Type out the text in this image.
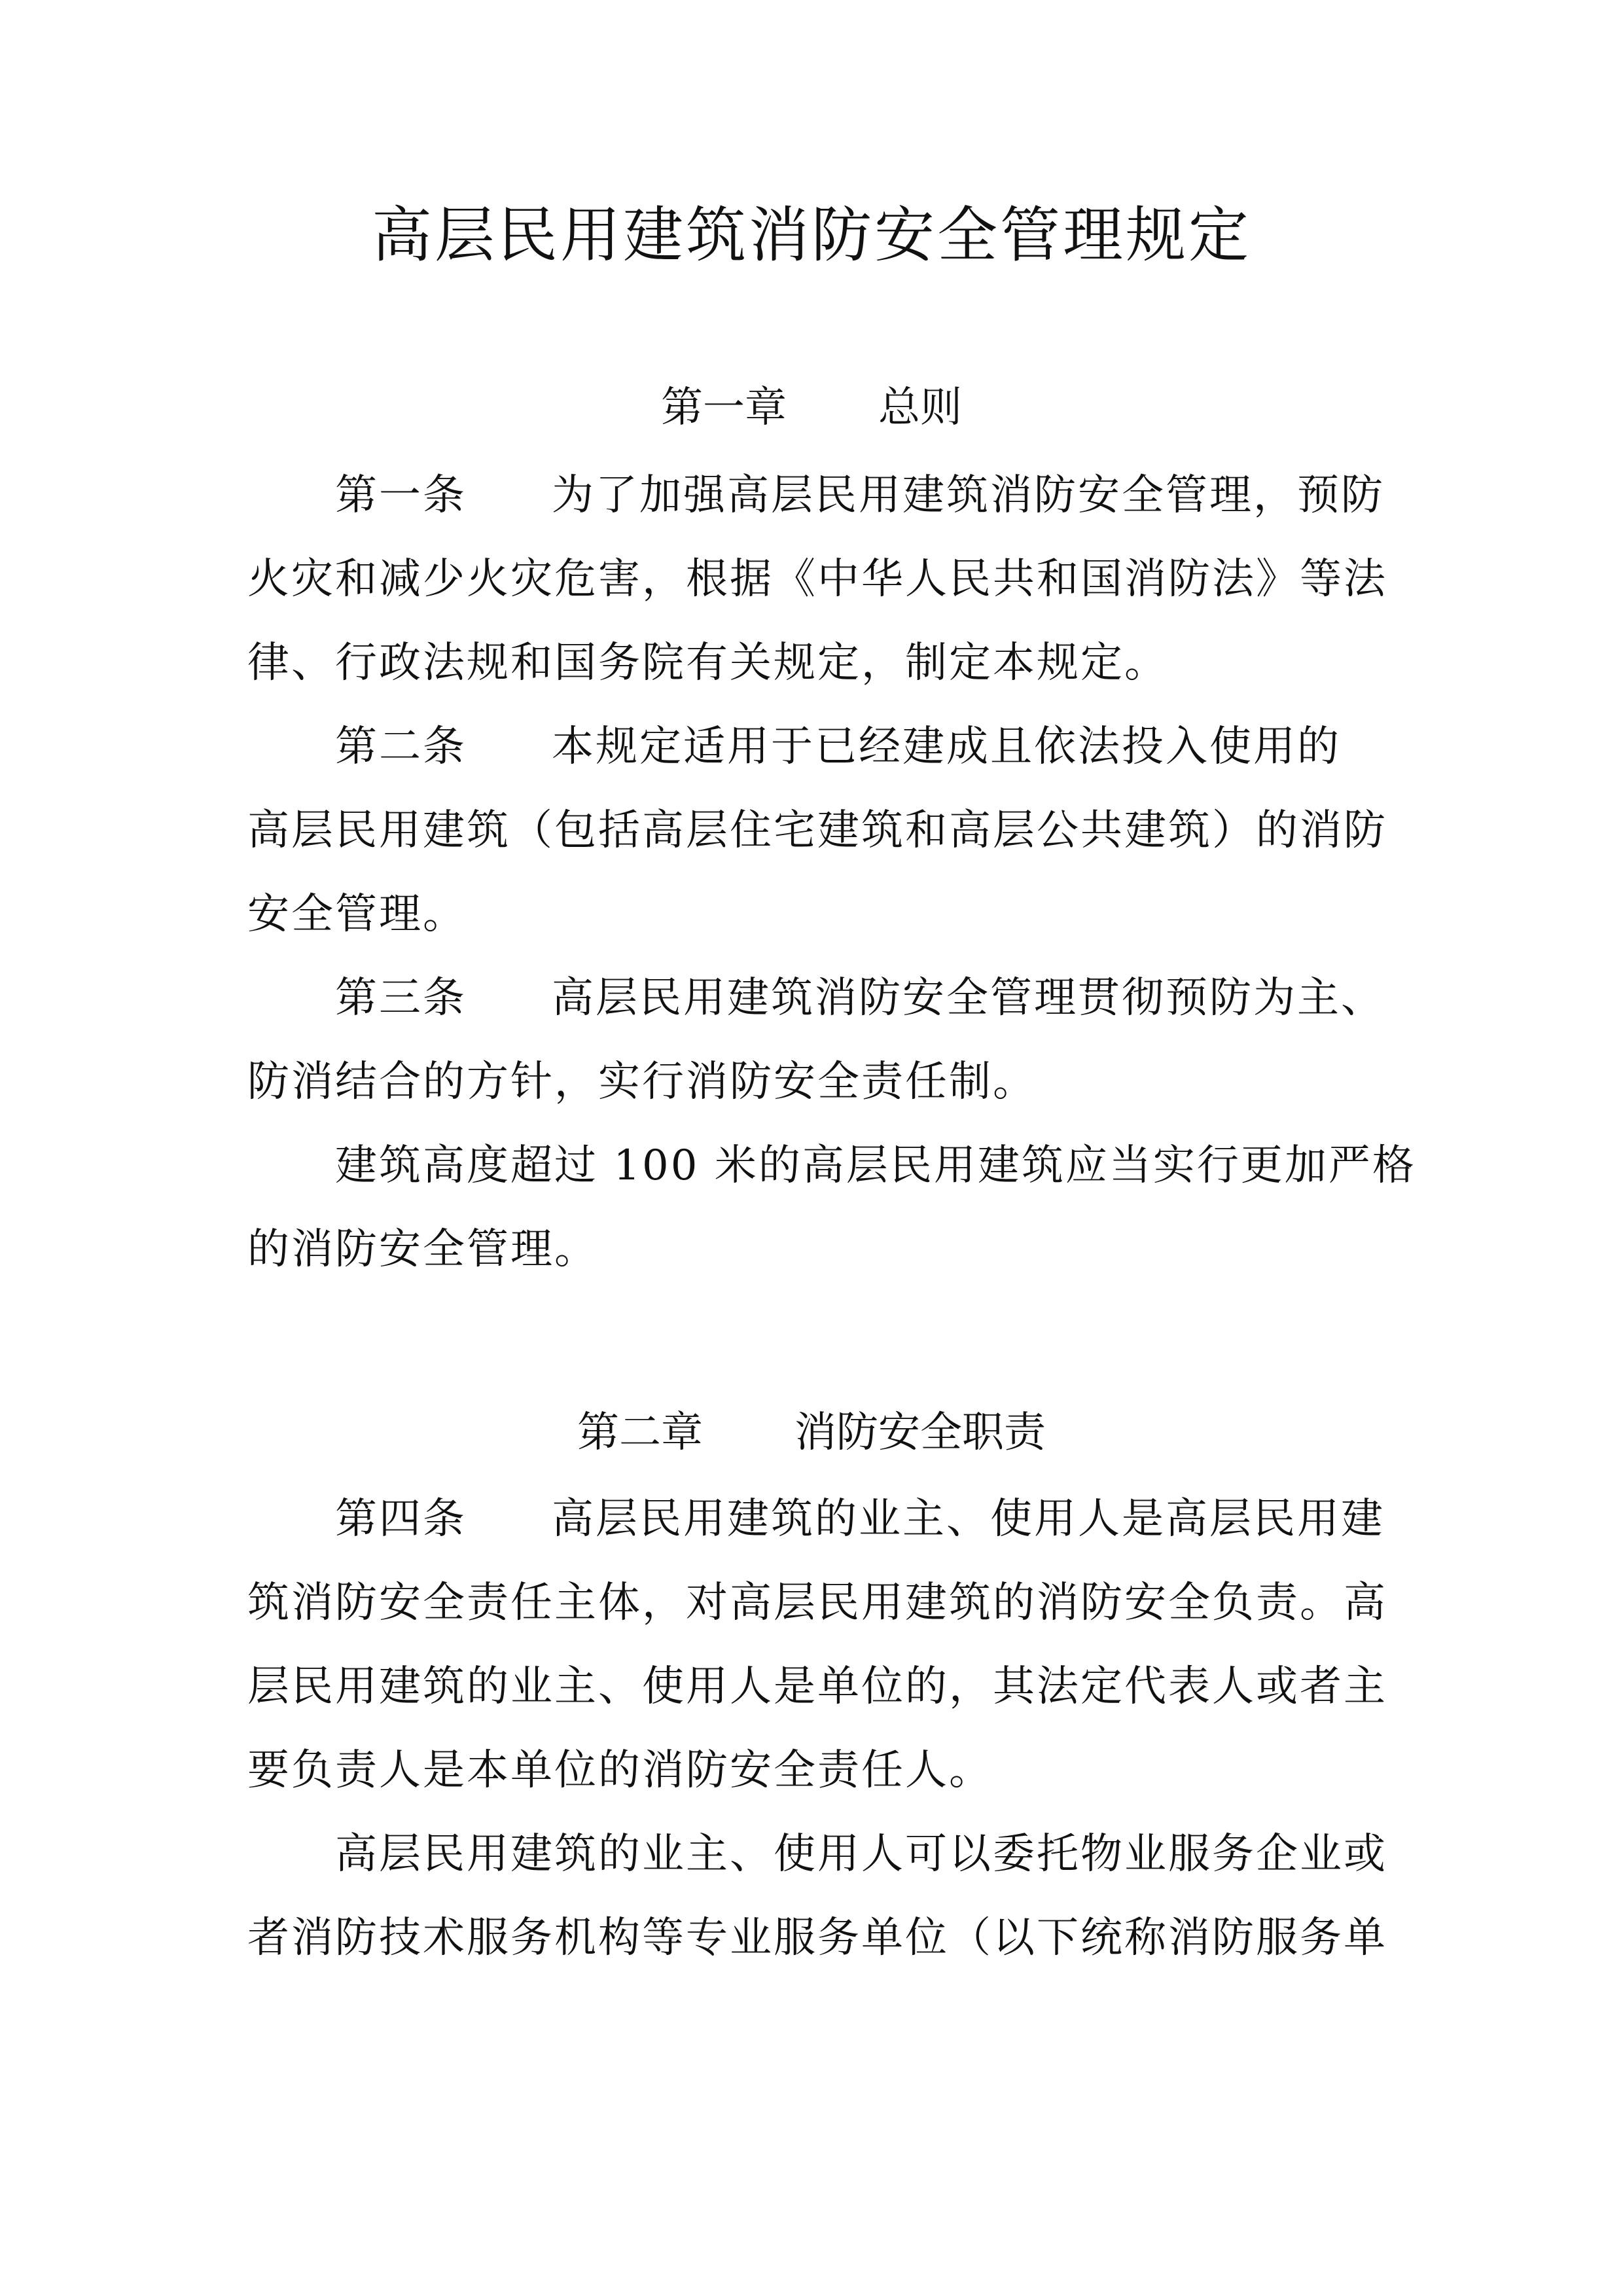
高层民用建筑消防安全管理规定
第一章 总则
第一条 为了加强高层民用建筑消防安全管理，预防
火灾和减少火灾危害，根据《中华人民共和国消防法》等法
律、行政法规和国务院有关规定，制定本规定。
第二条 本规定适用于已经建成且依法投入使用的
高层民用建筑（包括高层住宅建筑和高层公共建筑）的消防
安全管理。
第三条 高层民用建筑消防安全管理贯彻预防为主、
防消结合的方针，实行消防安全责任制。
建筑高度超过 100 米的高层民用建筑应当实行更加严格
的消防安全管理。
第二章 消防安全职责
第四条 高层民用建筑的业主、使用人是高层民用建
筑消防安全责任主体，对高层民用建筑的消防安全负责。高
层民用建筑的业主、使用人是单位的，其法定代表人或者主
要负责人是本单位的消防安全责任人。
高层民用建筑的业主、使用人可以委托物业服务企业或
者消防技术服务机构等专业服务单位（以下统称消防服务单
